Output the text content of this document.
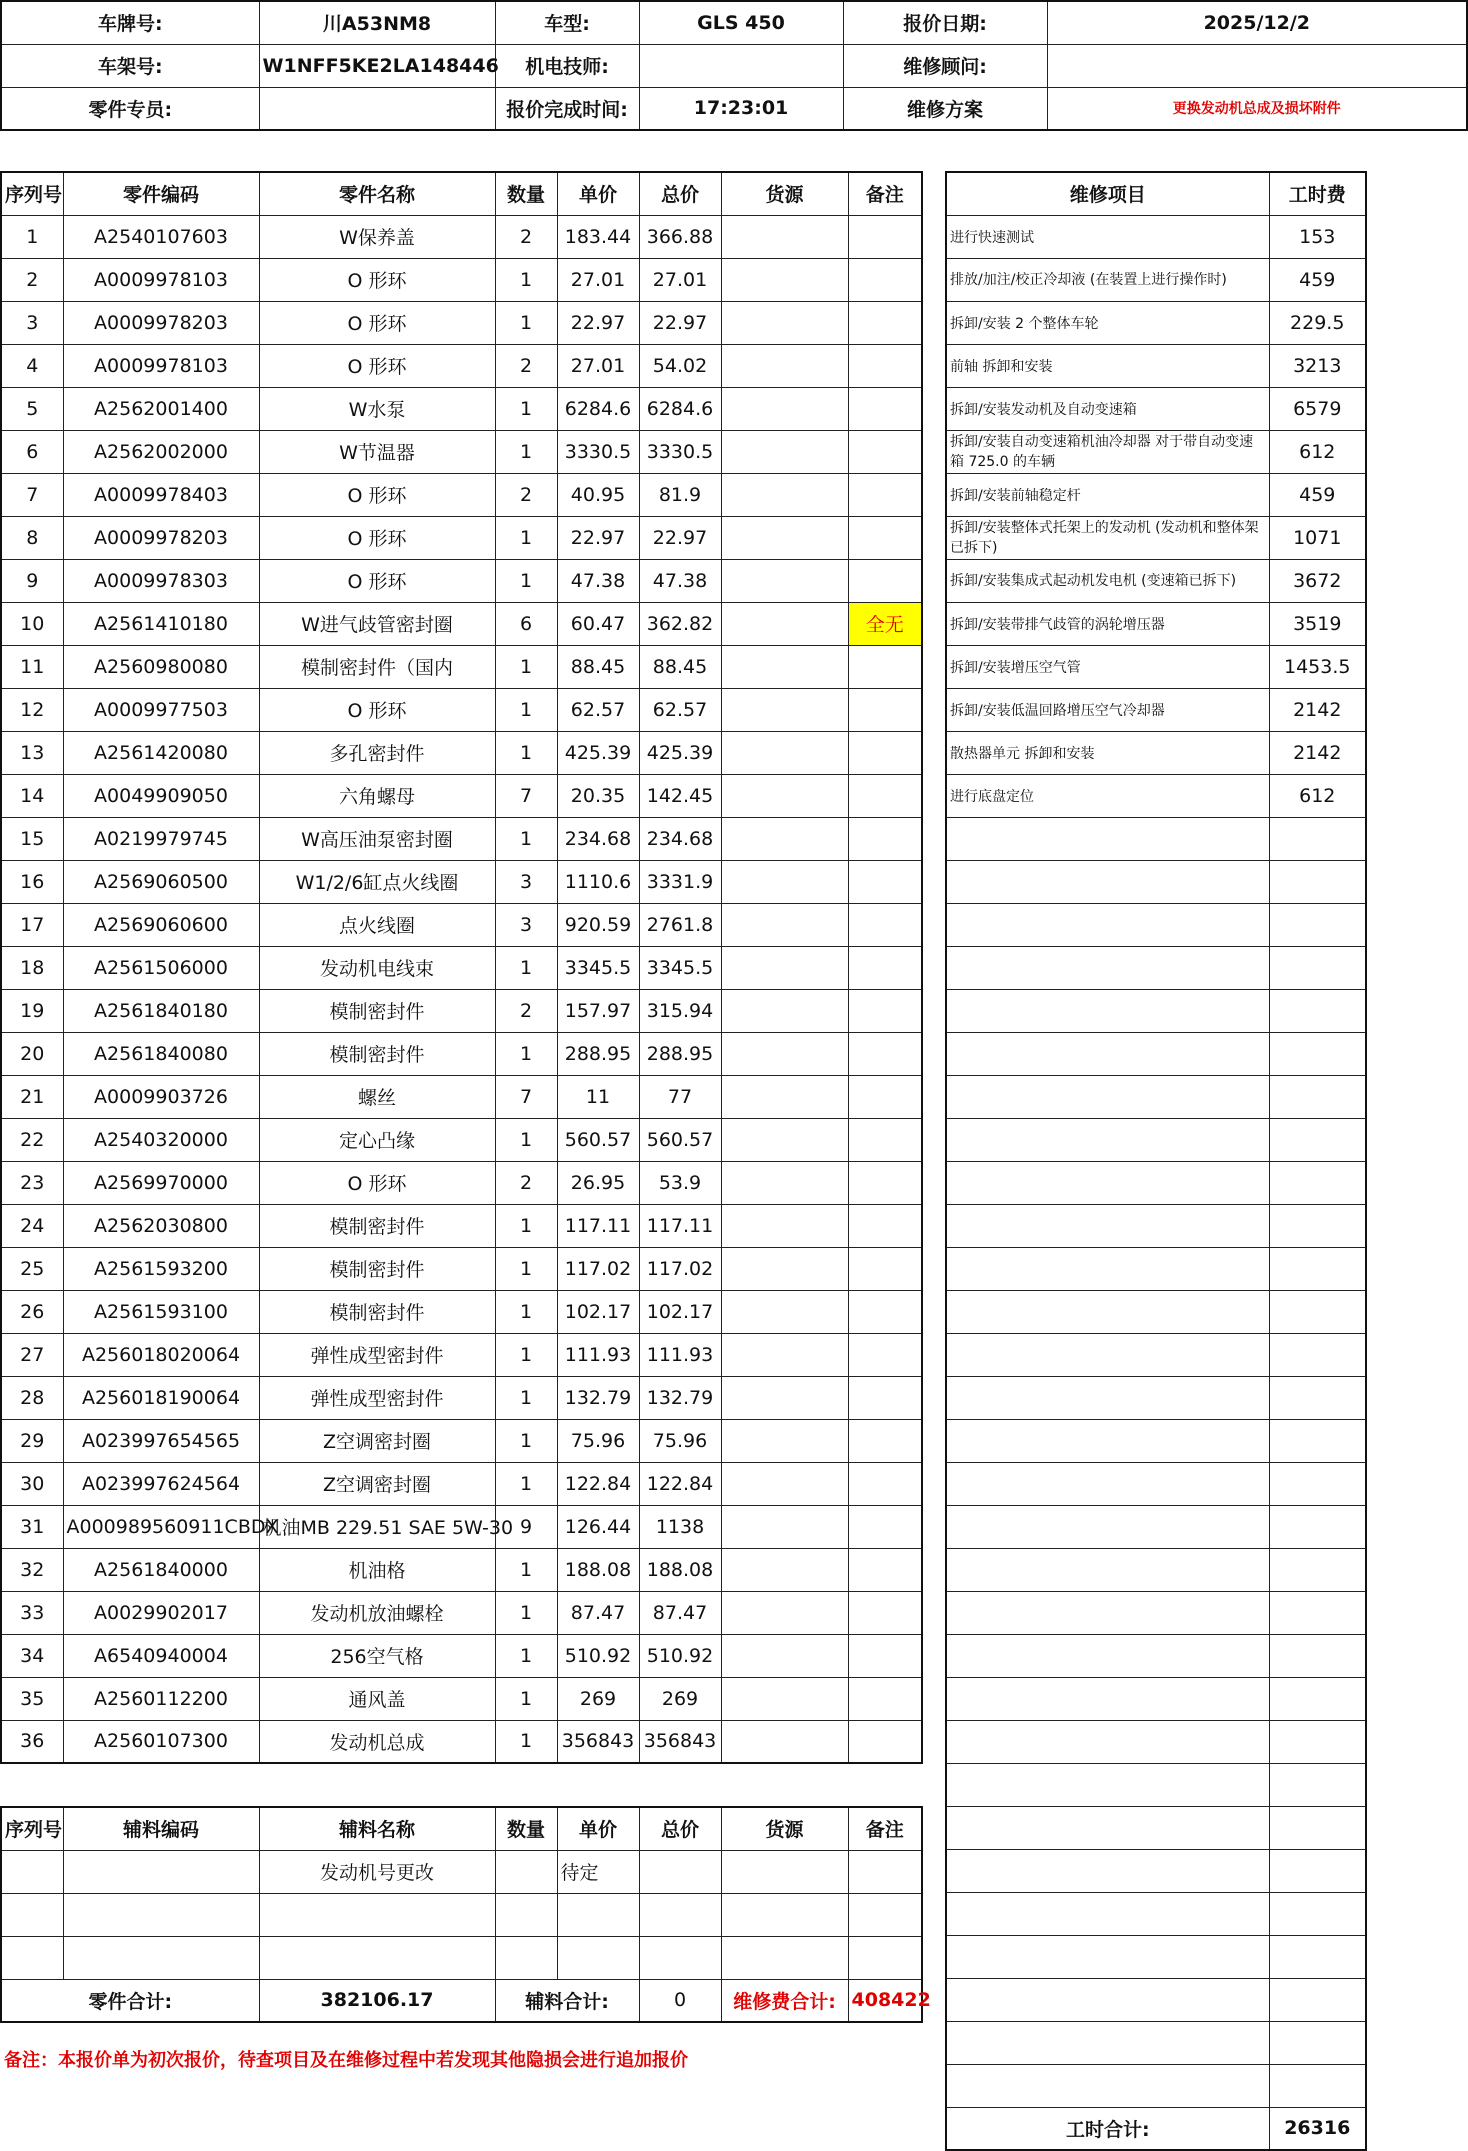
车牌号:	川A53NM8	车型:	GLS 450	报价日期:	2025/12/2
车架号:	W1NFF5KE2LA148446	机电技师:		维修顾问:	
零件专员:		报价完成时间:	17:23:01	维修方案	更换发动机总成及损坏附件
序列号	零件编码	零件名称	数量	单价	总价	货源	备注
1	A2540107603	W保养盖	2	183.44	366.88		
2	A0009978103	O 形环	1	27.01	27.01		
3	A0009978203	O 形环	1	22.97	22.97		
4	A0009978103	O 形环	2	27.01	54.02		
5	A2562001400	W水泵	1	6284.6	6284.6		
6	A2562002000	W节温器	1	3330.5	3330.5		
7	A0009978403	O 形环	2	40.95	81.9		
8	A0009978203	O 形环	1	22.97	22.97		
9	A0009978303	O 形环	1	47.38	47.38		
10	A2561410180	W进气歧管密封圈	6	60.47	362.82		全无
11	A2560980080	模制密封件（国内	1	88.45	88.45		
12	A0009977503	O 形环	1	62.57	62.57		
13	A2561420080	多孔密封件	1	425.39	425.39		
14	A0049909050	六角螺母	7	20.35	142.45		
15	A0219979745	W高压油泵密封圈	1	234.68	234.68		
16	A2569060500	W1/2/6缸点火线圈	3	1110.6	3331.9		
17	A2569060600	点火线圈	3	920.59	2761.8		
18	A2561506000	发动机电线束	1	3345.5	3345.5		
19	A2561840180	模制密封件	2	157.97	315.94		
20	A2561840080	模制密封件	1	288.95	288.95		
21	A0009903726	螺丝	7	11	77		
22	A2540320000	定心凸缘	1	560.57	560.57		
23	A2569970000	O 形环	2	26.95	53.9		
24	A2562030800	模制密封件	1	117.11	117.11		
25	A2561593200	模制密封件	1	117.02	117.02		
26	A2561593100	模制密封件	1	102.17	102.17		
27	A256018020064	弹性成型密封件	1	111.93	111.93		
28	A256018190064	弹性成型密封件	1	132.79	132.79		
29	A023997654565	Z空调密封圈	1	75.96	75.96		
30	A023997624564	Z空调密封圈	1	122.84	122.84		
31	A000989560911CBDX	机油MB 229.51 SAE 5W-30	9	126.44	1138		
32	A2561840000	机油格	1	188.08	188.08		
33	A0029902017	发动机放油螺栓	1	87.47	87.47		
34	A6540940004	256空气格	1	510.92	510.92		
35	A2560112200	通风盖	1	269	269		
36	A2560107300	发动机总成	1	356843	356843		
序列号	辅料编码	辅料名称	数量	单价	总价	货源	备注
		发动机号更改		待定			

零件合计:		382106.17	辅料合计:		0	维修费合计:	408422
维修项目	工时费
进行快速测试	153
排放/加注/校正冷却液 (在装置上进行操作时)	459
拆卸/安装 2 个整体车轮	229.5
前轴 拆卸和安装	3213
拆卸/安装发动机及自动变速箱	6579
拆卸/安装自动变速箱机油冷却器 对于带自动变速箱 725.0 的车辆	612
拆卸/安装前轴稳定杆	459
拆卸/安装整体式托架上的发动机 (发动机和整体架已拆下)	1071
拆卸/安装集成式起动机发电机 (变速箱已拆下)	3672
拆卸/安装带排气歧管的涡轮增压器	3519
拆卸/安装增压空气管	1453.5
拆卸/安装低温回路增压空气冷却器	2142
散热器单元 拆卸和安装	2142
进行底盘定位	612

工时合计:	26316
备注：本报价单为初次报价，待查项目及在维修过程中若发现其他隐损会进行追加报价
